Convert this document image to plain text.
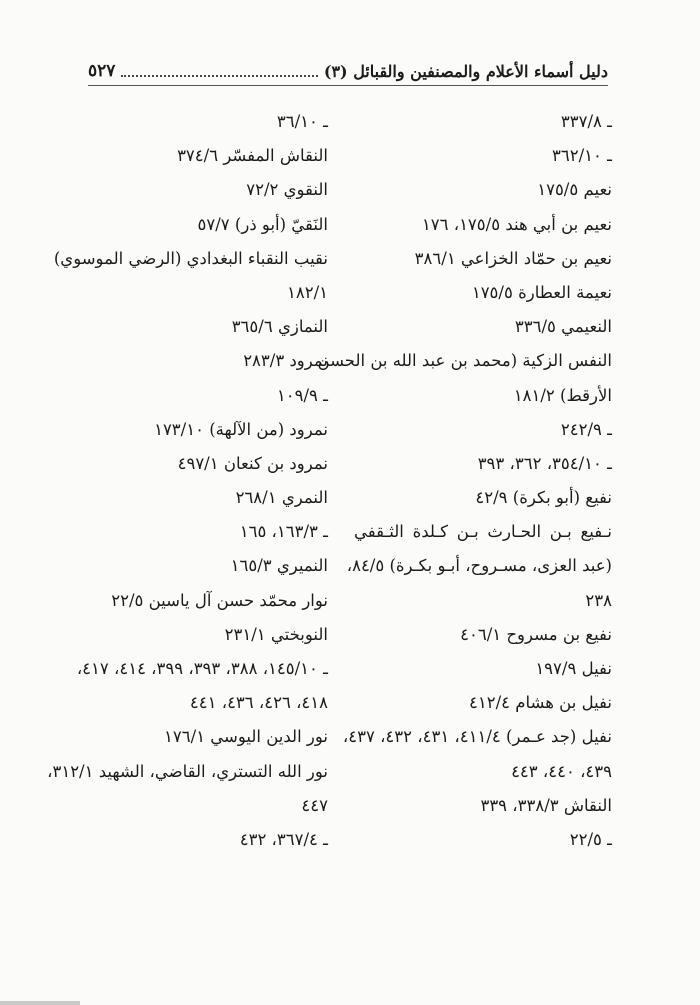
٥٢٧	دليل أسماء الأعلام والمصنفين والقبائل (٣)
ـ ٣٣٧/٨
ـ ٣٦٢/١٠
نعيم ١٧٥/٥
نعيم بن أبي هند ١٧٥/٥، ١٧٦
نعيم بن حمّاد الخزاعي ٣٨٦/١
نعيمة العطارة ١٧٥/٥
النعيمي ٣٣٦/٥
النفس الزكية (محمد بن عبد الله بن الحسن
الأرقط) ١٨١/٢
ـ ٢٤٢/٩
ـ ٣٥٤/١٠، ٣٦٢، ٣٩٣
نفيع (أبو بكرة) ٤٢/٩
نـفيع بـن الحـارث بـن كـلدة الثـقفي
(عبد العزى، مسـروح، أبـو بكـرة) ٨٤/٥،
٢٣٨
نفيع بن مسروح ٤٠٦/١
نفيل ١٩٧/٩
نفيل بن هشام ٤١٢/٤
نفيل (جد عـمر) ٤١١/٤، ٤٣١، ٤٣٢، ٤٣٧،
٤٣٩، ٤٤٠، ٤٤٣
النقاش ٣٣٨/٣، ٣٣٩
ـ ٢٢/٥
ـ ٣٦/١٠
النقاش المفسّر ٣٧٤/٦
النقوي ٧٢/٢
النَقيّ (أبو ذر) ٥٧/٧
نقيب النقباء البغدادي (الرضي الموسوي)
١٨٢/١
النمازي ٣٦٥/٦
نمرود ٢٨٣/٣
ـ ١٠٩/٩
نمرود (من الآلهة) ١٧٣/١٠
نمرود بن كنعان ٤٩٧/١
النمري ٢٦٨/١
ـ ١٦٣/٣، ١٦٥
النميري ١٦٥/٣
نوار محمّد حسن آل ياسين ٢٢/٥
النوبختي ٢٣١/١
ـ ١٤٥/١٠، ٣٨٨، ٣٩٣، ٣٩٩، ٤١٤، ٤١٧،
٤١٨، ٤٢٦، ٤٣٦، ٤٤١
نور الدين اليوسي ١٧٦/١
نور الله التستري، القاضي، الشهيد ٣١٢/١،
٤٤٧
ـ ٣٦٧/٤، ٤٣٢
